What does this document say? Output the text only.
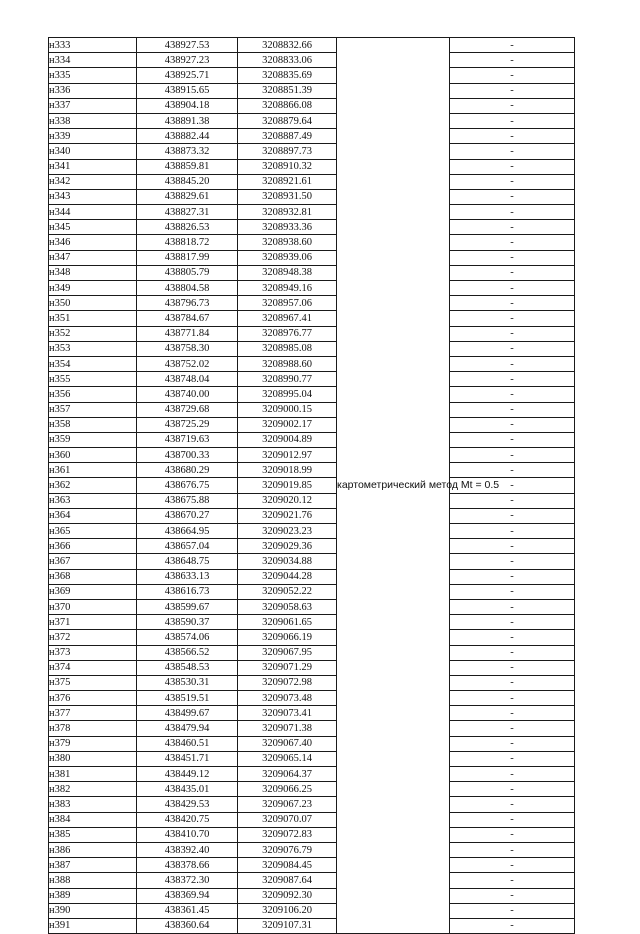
н333	438927.53	3208832.66	картометрический метод Mt = 0.5	-
н334	438927.23	3208833.06		-
н335	438925.71	3208835.69		-
н336	438915.65	3208851.39		-
н337	438904.18	3208866.08		-
н338	438891.38	3208879.64		-
н339	438882.44	3208887.49		-
н340	438873.32	3208897.73		-
н341	438859.81	3208910.32		-
н342	438845.20	3208921.61		-
н343	438829.61	3208931.50		-
н344	438827.31	3208932.81		-
н345	438826.53	3208933.36		-
н346	438818.72	3208938.60		-
н347	438817.99	3208939.06		-
н348	438805.79	3208948.38		-
н349	438804.58	3208949.16		-
н350	438796.73	3208957.06		-
н351	438784.67	3208967.41		-
н352	438771.84	3208976.77		-
н353	438758.30	3208985.08		-
н354	438752.02	3208988.60		-
н355	438748.04	3208990.77		-
н356	438740.00	3208995.04		-
н357	438729.68	3209000.15		-
н358	438725.29	3209002.17		-
н359	438719.63	3209004.89		-
н360	438700.33	3209012.97		-
н361	438680.29	3209018.99		-
н362	438676.75	3209019.85		-
н363	438675.88	3209020.12		-
н364	438670.27	3209021.76		-
н365	438664.95	3209023.23		-
н366	438657.04	3209029.36		-
н367	438648.75	3209034.88		-
н368	438633.13	3209044.28		-
н369	438616.73	3209052.22		-
н370	438599.67	3209058.63		-
н371	438590.37	3209061.65		-
н372	438574.06	3209066.19		-
н373	438566.52	3209067.95		-
н374	438548.53	3209071.29		-
н375	438530.31	3209072.98		-
н376	438519.51	3209073.48		-
н377	438499.67	3209073.41		-
н378	438479.94	3209071.38		-
н379	438460.51	3209067.40		-
н380	438451.71	3209065.14		-
н381	438449.12	3209064.37		-
н382	438435.01	3209066.25		-
н383	438429.53	3209067.23		-
н384	438420.75	3209070.07		-
н385	438410.70	3209072.83		-
н386	438392.40	3209076.79		-
н387	438378.66	3209084.45		-
н388	438372.30	3209087.64		-
н389	438369.94	3209092.30		-
н390	438361.45	3209106.20		-
н391	438360.64	3209107.31		-
